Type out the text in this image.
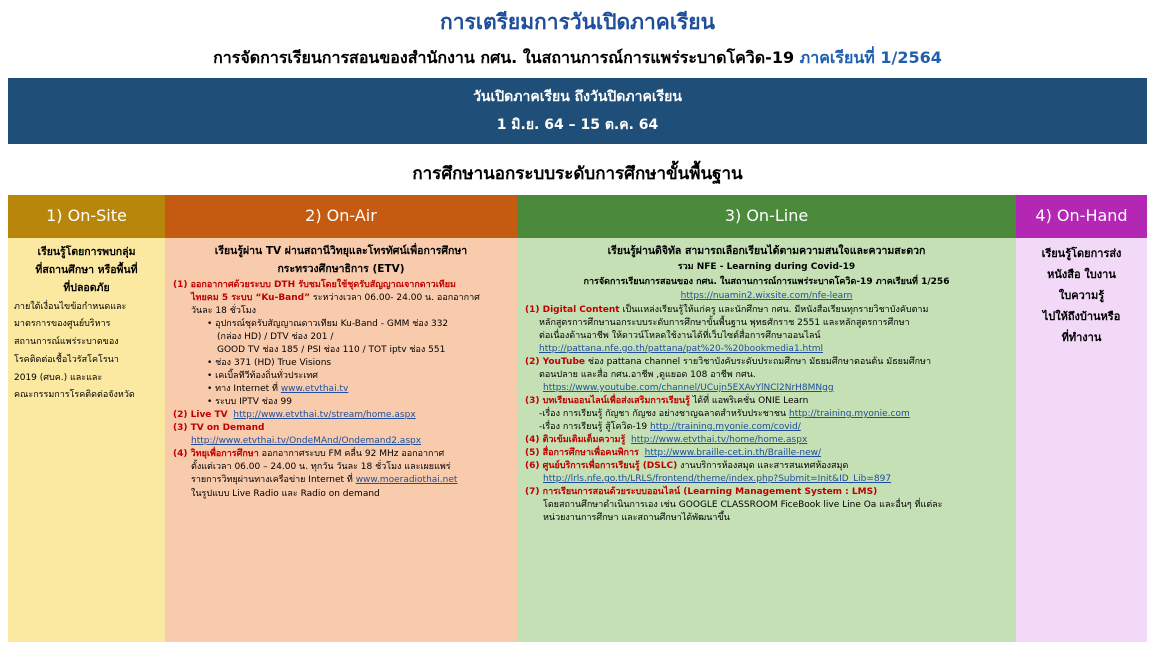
การเตรียมการวันเปิดภาคเรียน
การจัดการเรียนการสอนของสำนักงาน กศน. ในสถานการณ์การแพร่ระบาดโควิด-19 ภาคเรียนที่ 1/2564
วันเปิดภาคเรียน ถึงวันปิดภาคเรียน
1 มิ.ย. 64 – 15 ต.ค. 64
การศึกษานอกระบบระดับการศึกษาขั้นพื้นฐาน
1) On-Site	2) On-Air	3) On-Line	4) On-Hand
เรียนรู้โดยการพบกลุ่ม
ที่สถานศึกษา หรือพื้นที่
ที่ปลอดภัย
ภายใต้เงื่อนไขข้อกำหนดและ
มาตรการของศูนย์บริหาร
สถานการณ์แพร่ระบาดของ
โรคติดต่อเชื้อไวรัสโคโรนา
2019 (ศบค.) และและ
คณะกรรมการโรคติดต่อจังหวัด
เรียนรู้ผ่าน TV ผ่านสถานีวิทยุและโทรทัศน์เพื่อการศึกษา
กระทรวงศึกษาธิการ (ETV)
(1) ออกอากาศด้วยระบบ DTH รับชมโดยใช้ชุดรับสัญญาณจากดาวเทียม
ไทยคม 5 ระบบ “Ku-Band” ระหว่างเวลา 06.00- 24.00 น. ออกอากาศ
วันละ 18 ชั่วโมง
• อุปกรณ์ชุดรับสัญญาณดาวเทียม Ku-Band - GMM ช่อง 332
(กล่อง HD) / DTV ช่อง 201 /
GOOD TV ช่อง 185 / PSI ช่อง 110 / TOT iptv ช่อง 551
• ช่อง 371 (HD) True Visions
• เคเบิ้ลทีวีท้องถิ่นทั่วประเทศ
• ทาง Internet ที่ www.etvthai.tv
• ระบบ IPTV ช่อง 99
(2) Live TV http://www.etvthai.tv/stream/home.aspx
(3) TV on Demand
http://www.etvthai.tv/OndeMAnd/Ondemand2.aspx
(4) วิทยุเพื่อการศึกษา ออกอากาศระบบ FM คลื่น 92 MHz ออกอากาศ
ตั้งแต่เวลา 06.00 – 24.00 น. ทุกวัน วันละ 18 ชั่วโมง และเผยแพร่
รายการวิทยุผ่านทางเครือข่าย Internet ที่ www.moeradiothai.net
ในรูปแบบ Live Radio และ Radio on demand
เรียนรู้ผ่านดิจิทัล สามารถเลือกเรียนได้ตามความสนใจและความสะดวก
รวม NFE - Learning during Covid-19
การจัดการเรียนการสอนของ กศน. ในสถานการณ์การแพร่ระบาดโควิด-19 ภาคเรียนที่ 1/256
https://nuamin2.wixsite.com/nfe-learn
(1) Digital Content เป็นแหล่งเรียนรู้ให้แก่ครู และนักศึกษา กศน. มีหนังสือเรียนทุกรายวิชาบังคับตาม
หลักสูตรการศึกษานอกระบบระดับการศึกษาขั้นพื้นฐาน พุทธศักราช 2551 และหลักสูตรการศึกษา
ต่อเนื่องด้านอาชีพ ให้ดาวน์โหลดใช้งานได้ที่เว็บไซต์สื่อการศึกษาออนไลน์
http://pattana.nfe.go.th/pattana/pat%20-%20bookmedia1.html
(2) YouTube ช่อง pattana channel รายวิชาบังคับระดับประถมศึกษา มัธยมศึกษาตอนต้น มัธยมศึกษา
ตอนปลาย และสื่อ กศน.อาชีพ ,ดูแยอด 108 อาชีพ กศน.
https://www.youtube.com/channel/UCujn5EXAvYlNCl2NrH8MNgg
(3) บทเรียนออนไลน์เพื่อส่งเสริมการเรียนรู้ ได้ที่ แอพริเคชั่น ONIE Learn
-เรื่อง การเรียนรู้ กัญชา กัญชง อย่างชาญฉลาดสำหรับประชาชน http://training.myonie.com
-เรื่อง การเรียนรู้ สู้โควิด-19 http://training.myonie.com/covid/
(4) ติวเข้มเติมเต็มความรู้ http://www.etvthai.tv/home/home.aspx
(5) สื่อการศึกษาเพื่อคนพิการ http://www.braille-cet.in.th/Braille-new/
(6) ศูนย์บริการเพื่อการเรียนรู้ (DSLC) งานบริการห้องสมุด และสารสนเทศห้องสมุด
http://lrls.nfe.go.th/LRLS/frontend/theme/index.php?Submit=Init&ID_Lib=897
(7) การเรียนการสอนด้วยระบบออนไลน์ (Learning Management System : LMS)
โดยสถานศึกษาดำเนินการเอง เช่น GOOGLE CLASSROOM FiceBook live Line Oa และอื่นๆ ที่แต่ละ
หน่วยงานการศึกษา และสถานศึกษาได้พัฒนาขึ้น
เรียนรู้โดยการส่ง
หนังสือ ใบงาน
ใบความรู้
ไปให้ถึงบ้านหรือ
ที่ทำงาน
